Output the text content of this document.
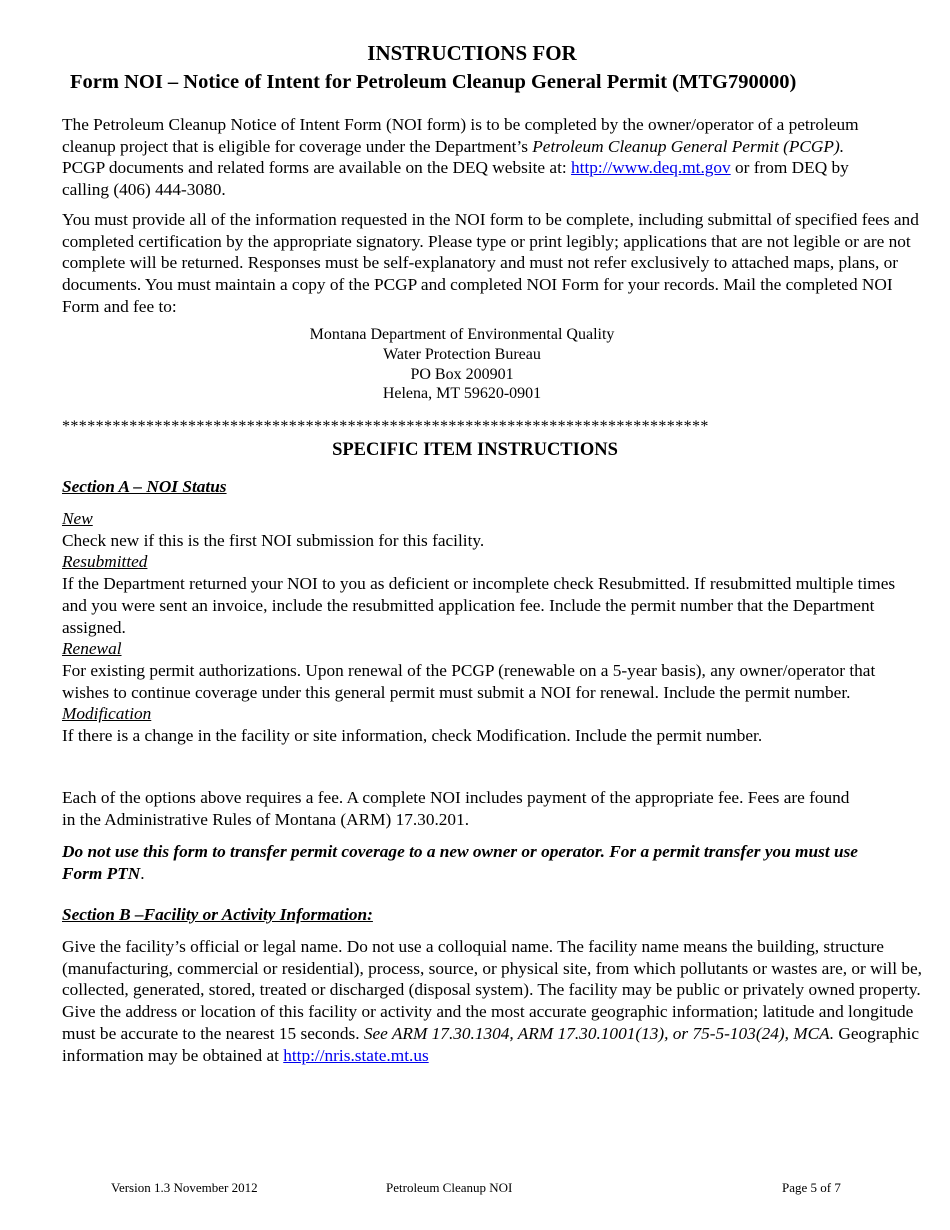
INSTRUCTIONS FOR
Form NOI – Notice of Intent for Petroleum Cleanup General Permit (MTG790000)

The Petroleum Cleanup Notice of Intent Form (NOI form) is to be completed by the owner/operator of a petroleum cleanup project that is eligible for coverage under the Department’s Petroleum Cleanup General Permit (PCGP). PCGP documents and related forms are available on the DEQ website at: http://www.deq.mt.gov or from DEQ by calling (406) 444-3080.

You must provide all of the information requested in the NOI form to be complete, including submittal of specified fees and completed certification by the appropriate signatory. Please type or print legibly; applications that are not legible or are not complete will be returned. Responses must be self-explanatory and must not refer exclusively to attached maps, plans, or documents. You must maintain a copy of the PCGP and completed NOI Form for your records. Mail the completed NOI Form and fee to:

Montana Department of Environmental Quality
Water Protection Bureau
PO Box 200901
Helena, MT 59620-0901
*****************************************************************************
SPECIFIC ITEM INSTRUCTIONS
Section A – NOI Status
New
Check new if this is the first NOI submission for this facility.
Resubmitted
If the Department returned your NOI to you as deficient or incomplete check Resubmitted. If resubmitted multiple times and you were sent an invoice, include the resubmitted application fee. Include the permit number that the Department assigned.
Renewal
For existing permit authorizations. Upon renewal of the PCGP (renewable on a 5-year basis), any owner/operator that wishes to continue coverage under this general permit must submit a NOI for renewal. Include the permit number.
Modification
If there is a change in the facility or site information, check Modification. Include the permit number.

Each of the options above requires a fee. A complete NOI includes payment of the appropriate fee. Fees are found in the Administrative Rules of Montana (ARM) 17.30.201.

Do not use this form to transfer permit coverage to a new owner or operator. For a permit transfer you must use Form PTN.

Section B –Facility or Activity Information:

Give the facility’s official or legal name. Do not use a colloquial name. The facility name means the building, structure (manufacturing, commercial or residential), process, source, or physical site, from which pollutants or wastes are, or will be, collected, generated, stored, treated or discharged (disposal system). The facility may be public or privately owned property. Give the address or location of this facility or activity and the most accurate geographic information; latitude and longitude must be accurate to the nearest 15 seconds. See ARM 17.30.1304, ARM 17.30.1001(13), or 75-5-103(24), MCA. Geographic information may be obtained at http://nris.state.mt.us

Version 1.3 November 2012	Petroleum Cleanup NOI	Page 5 of 7
